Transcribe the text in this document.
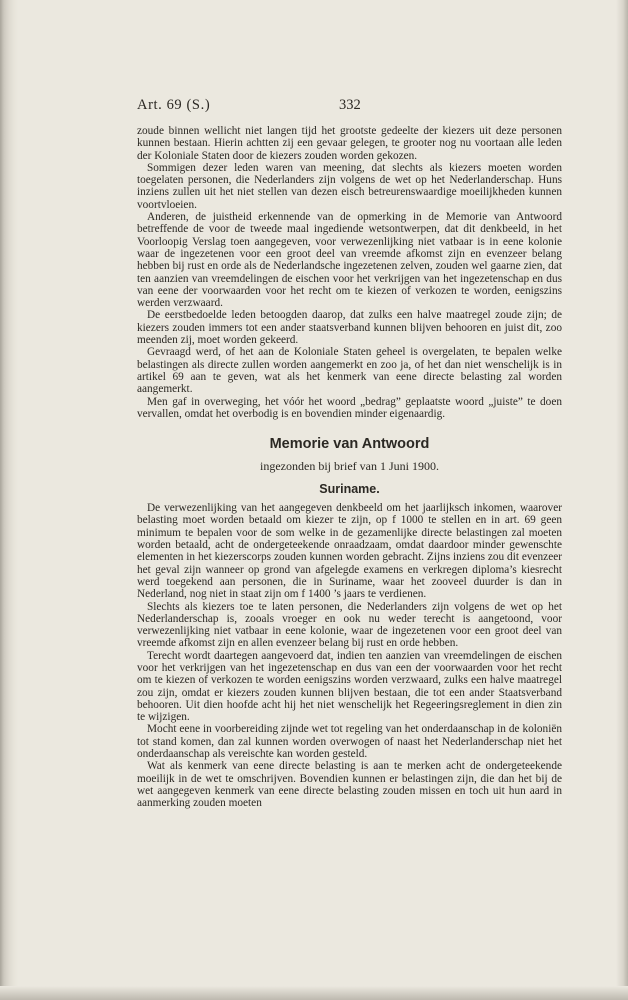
Art. 69 (S.)	332

zoude binnen wellicht niet langen tijd het grootste gedeelte der kiezers uit deze personen kunnen bestaan. Hierin achtten zij een gevaar gelegen, te grooter nog nu voortaan alle leden der Koloniale Staten door de kiezers zouden worden gekozen.

Sommigen dezer leden waren van meening, dat slechts als kiezers moeten worden toegelaten personen, die Nederlanders zijn volgens de wet op het Nederlanderschap. Huns inziens zullen uit het niet stellen van dezen eisch betreurenswaardige moeilijkheden kunnen voortvloeien.

Anderen, de juistheid erkennende van de opmerking in de Memorie van Antwoord betreffende de voor de tweede maal ingediende wetsontwerpen, dat dit denkbeeld, in het Voorloopig Verslag toen aangegeven, voor verwezenlijking niet vatbaar is in eene kolonie waar de ingezetenen voor een groot deel van vreemde afkomst zijn en evenzeer belang hebben bij rust en orde als de Nederlandsche ingezetenen zelven, zouden wel gaarne zien, dat ten aanzien van vreemdelingen de eischen voor het verkrijgen van het ingezetenschap en dus van eene der voorwaarden voor het recht om te kiezen of verkozen te worden, eenigszins werden verzwaard.

De eerstbedoelde leden betoogden daarop, dat zulks een halve maatregel zoude zijn; de kiezers zouden immers tot een ander staatsverband kunnen blijven behooren en juist dit, zoo meenden zij, moet worden gekeerd.

Gevraagd werd, of het aan de Koloniale Staten geheel is overgelaten, te bepalen welke belastingen als directe zullen worden aangemerkt en zoo ja, of het dan niet wenschelijk is in artikel 69 aan te geven, wat als het kenmerk van eene directe belasting zal worden aangemerkt.

Men gaf in overweging, het vóór het woord „bedrag” geplaatste woord „juiste” te doen vervallen, omdat het overbodig is en bovendien minder eigenaardig.

Memorie van Antwoord
ingezonden bij brief van 1 Juni 1900.
Suriname.

De verwezenlijking van het aangegeven denkbeeld om het jaarlijksch inkomen, waarover belasting moet worden betaald om kiezer te zijn, op f 1000 te stellen en in art. 69 geen minimum te bepalen voor de som welke in de gezamenlijke directe belastingen zal moeten worden betaald, acht de ondergeteekende onraadzaam, omdat daardoor minder gewenschte elementen in het kiezerscorps zouden kunnen worden gebracht. Zijns inziens zou dit evenzeer het geval zijn wanneer op grond van afgelegde examens en verkregen diploma’s kiesrecht werd toegekend aan personen, die in Suriname, waar het zooveel duurder is dan in Nederland, nog niet in staat zijn om f 1400 ’s jaars te verdienen.

Slechts als kiezers toe te laten personen, die Nederlanders zijn volgens de wet op het Nederlanderschap is, zooals vroeger en ook nu weder terecht is aangetoond, voor verwezenlijking niet vatbaar in eene kolonie, waar de ingezetenen voor een groot deel van vreemde afkomst zijn en allen evenzeer belang bij rust en orde hebben.

Terecht wordt daartegen aangevoerd dat, indien ten aanzien van vreemdelingen de eischen voor het verkrijgen van het ingezetenschap en dus van een der voorwaarden voor het recht om te kiezen of verkozen te worden eenigszins worden verzwaard, zulks een halve maatregel zou zijn, omdat er kiezers zouden kunnen blijven bestaan, die tot een ander Staatsverband behooren. Uit dien hoofde acht hij het niet wenschelijk het Regeeringsreglement in dien zin te wijzigen.

Mocht eene in voorbereiding zijnde wet tot regeling van het onderdaanschap in de koloniën tot stand komen, dan zal kunnen worden overwogen of naast het Nederlanderschap niet het onderdaanschap als vereischte kan worden gesteld.

Wat als kenmerk van eene directe belasting is aan te merken acht de ondergeteekende moeilijk in de wet te omschrijven. Bovendien kunnen er belastingen zijn, die dan het bij de wet aangegeven kenmerk van eene directe belasting zouden missen en toch uit hun aard in aanmerking zouden moeten
